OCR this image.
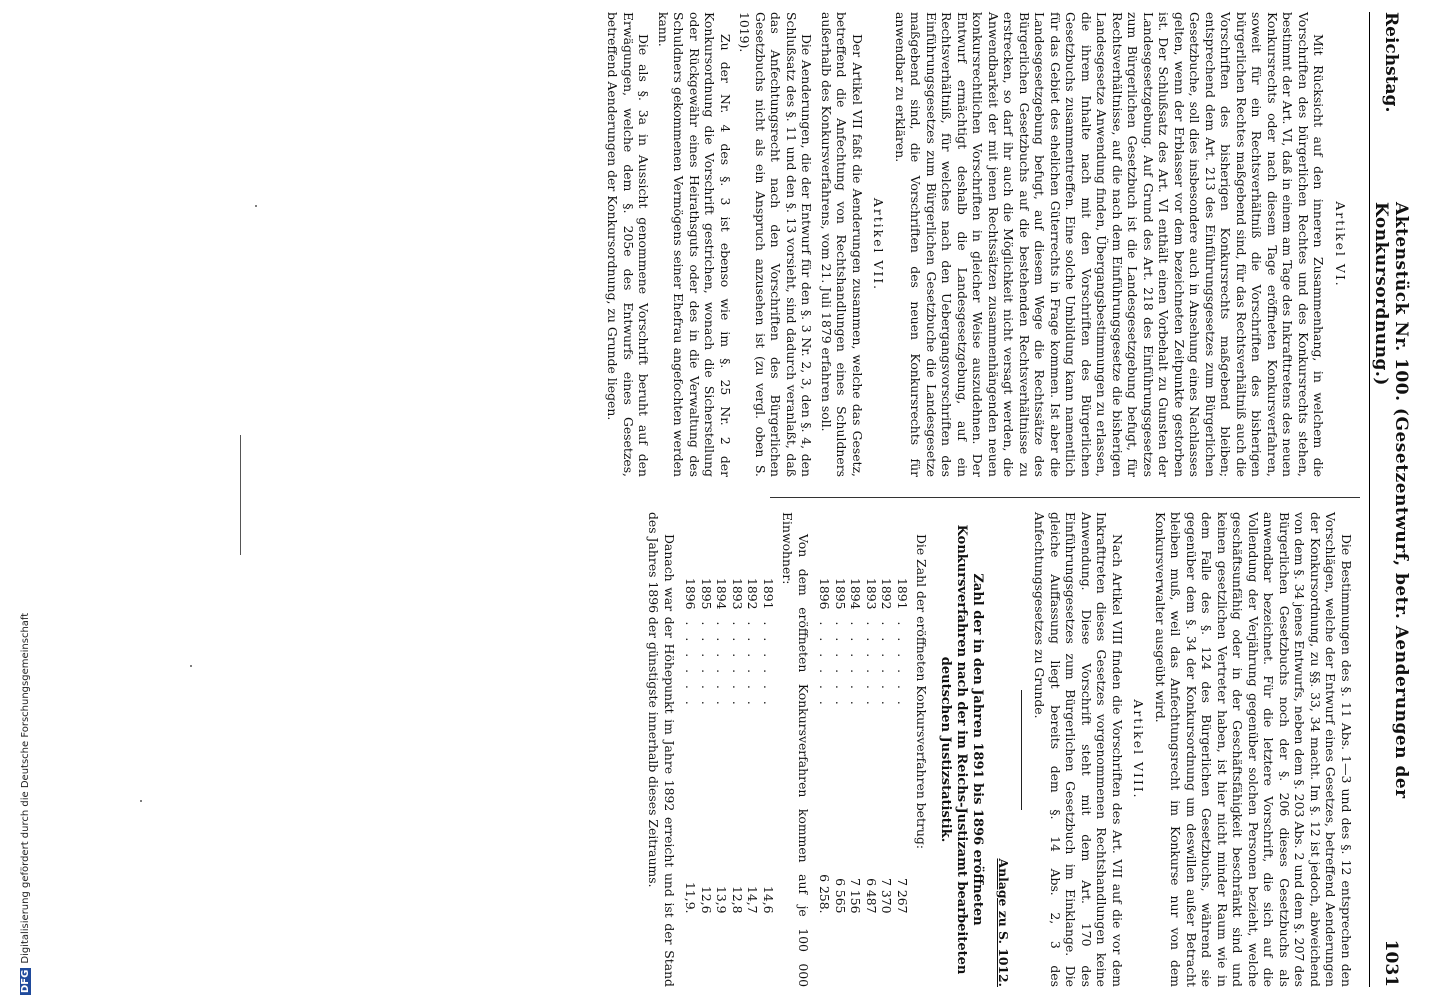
DFGDigitalisierung gefördert durch die Deutsche Forschungsgemeinschaft
Reichstag.
Aktenstück Nr. 100. (Gesetzentwurf, betr. Aenderungen der Konkursordnung.)
1031
Artikel VI.

Mit Rücksicht auf den inneren Zusammenhang, in welchem die Vorschriften des bürgerlichen Rechtes und des Konkursrechts stehen, bestimmt der Art. VI, daß in einem am Tage des Inkrafttretens des neuen Konkursrechts oder nach diesem Tage eröffneten Konkursverfahren, soweit für ein Rechtsverhältniß die Vorschriften des bisherigen bürgerlichen Rechtes maßgebend sind, für das Rechtsverhältniß auch die Vorschriften des bisherigen Konkursrechts maßgebend bleiben; entsprechend dem Art. 213 des Einführungsgesetzes zum Bürgerlichen Gesetzbuche, soll dies insbesondere auch in Ansehung eines Nachlasses gelten, wenn der Erblasser vor dem bezeichneten Zeitpunkte gestorben ist. Der Schlußsatz des Art. VI enthält einen Vorbehalt zu Gunsten der Landesgesetzgebung. Auf Grund des Art. 218 des Einführungsgesetzes zum Bürgerlichen Gesetzbuch ist die Landesgesetzgebung befugt, für Rechtsverhältnisse, auf die nach dem Einführungsgesetze die bisherigen Landesgesetze Anwendung finden, Übergangsbestimmungen zu erlassen, die ihrem Inhalte nach mit den Vorschriften des Bürgerlichen Gesetzbuchs zusammentreffen. Eine solche Umbildung kann namentlich für das Gebiet des ehelichen Güterrechts in Frage kommen. Ist aber die Landesgesetzgebung befugt, auf diesem Wege die Rechtssätze des Bürgerlichen Gesetzbuchs auf die bestehenden Rechtsverhältnisse zu erstrecken, so darf ihr auch die Möglichkeit nicht versagt werden, die Anwendbarkeit der mit jenen Rechtssätzen zusammenhängenden neuen konkursrechtlichen Vorschriften in gleicher Weise auszudehnen. Der Entwurf ermächtigt deshalb die Landesgesetzgebung, auf ein Rechtsverhältniß, für welches nach den Uebergangsvorschriften des Einführungsgesetzes zum Bürgerlichen Gesetzbuche die Landesgesetze maßgebend sind, die Vorschriften des neuen Konkursrechts für anwendbar zu erklären.

Artikel VII.

Der Artikel VII faßt die Aenderungen zusammen, welche das Gesetz, betreffend die Anfechtung von Rechtshandlungen eines Schuldners außerhalb des Konkursverfahrens, vom 21. Juli 1879 erfahren soll.

Die Aenderungen, die der Entwurf für den §. 3 Nr. 2, 3, den §. 4, den Schlußsatz des §. 11 und den §. 13 vorsieht, sind dadurch veranlaßt, daß das Anfechtungsrecht nach den Vorschriften des Bürgerlichen Gesetzbuchs nicht als ein Anspruch anzusehen ist (zu vergl. oben S. 1019).

Zu der Nr. 4 des §. 3 ist ebenso wie im §. 25 Nr. 2 der Konkursordnung die Vorschrift gestrichen, wonach die Sicherstellung oder Rückgewähr eines Heirathsguts oder des in die Verwaltung des Schuldners gekommenen Vermögens seiner Ehefrau angefochten werden kann.

Die als §. 3a in Aussicht genommene Vorschrift beruht auf den Erwägungen, welche dem §. 205e des Entwurfs eines Gesetzes, betreffend Aenderungen der Konkursordnung, zu Grunde liegen.

Die Bestimmungen des §. 11 Abs. 1—3 und des §. 12 entsprechen den Vorschlägen, welche der Entwurf eines Gesetzes, betreffend Aenderungen der Konkursordnung, zu §§. 33, 34 macht. Im §. 12 ist jedoch, abweichend von dem §. 34 jenes Entwurfs, neben dem §. 203 Abs. 2 und dem §. 207 des Bürgerlichen Gesetzbuchs noch der §. 206 dieses Gesetzbuchs als anwendbar bezeichnet. Für die letztere Vorschrift, die sich auf die Vollendung der Verjährung gegenüber solchen Personen bezieht, welche geschäftsunfähig oder in der Geschäftsfähigkeit beschränkt sind und keinen gesetzlichen Vertreter haben, ist hier nicht minder Raum wie in dem Falle des §. 124 des Bürgerlichen Gesetzbuchs, während sie gegenüber dem §. 34 der Konkursordnung um deswillen außer Betracht bleiben muß, weil das Anfechtungsrecht im Konkurse nur von dem Konkursverwalter ausgeübt wird.

Artikel VIII.

Nach Artikel VIII finden die Vorschriften des Art. VII auf die vor dem Inkrafttreten dieses Gesetzes vorgenommenen Rechtshandlungen keine Anwendung. Diese Vorschrift steht mit dem Art. 170 des Einführungsgesetzes zum Bürgerlichen Gesetzbuch im Einklange. Die gleiche Auffassung liegt bereits dem §. 14 Abs. 2, 3 des Anfechtungsgesetzes zu Grunde.

Anlage zu S. 1012.
Zahl der in den Jahren 1891 bis 1896 eröffneten Konkursverfahren nach der im Reichs-Justizamt bearbeiteten deutschen Justizstatistik.

Die Zahl der eröffneten Konkursverfahren betrug:

1891	. . . . . .	7 267
1892	. . . . . .	7 370
1893	. . . . . .	6 487
1894	. . . . . .	7 156
1895	. . . . . .	6 565
1896	. . . . . .	6 258.

Von dem eröffneten Konkursverfahren kommen auf je 100 000 Einwohner:

1891	. . . . . .	14,6
1892	. . . . . .	14,7
1893	. . . . . .	12,8
1894	. . . . . .	13,9
1895	. . . . . .	12,6
1896	. . . . . .	11,9.

Danach war der Höhepunkt im Jahre 1892 erreicht und ist der Stand des Jahres 1896 der günstigste innerhalb dieses Zeitraums.
